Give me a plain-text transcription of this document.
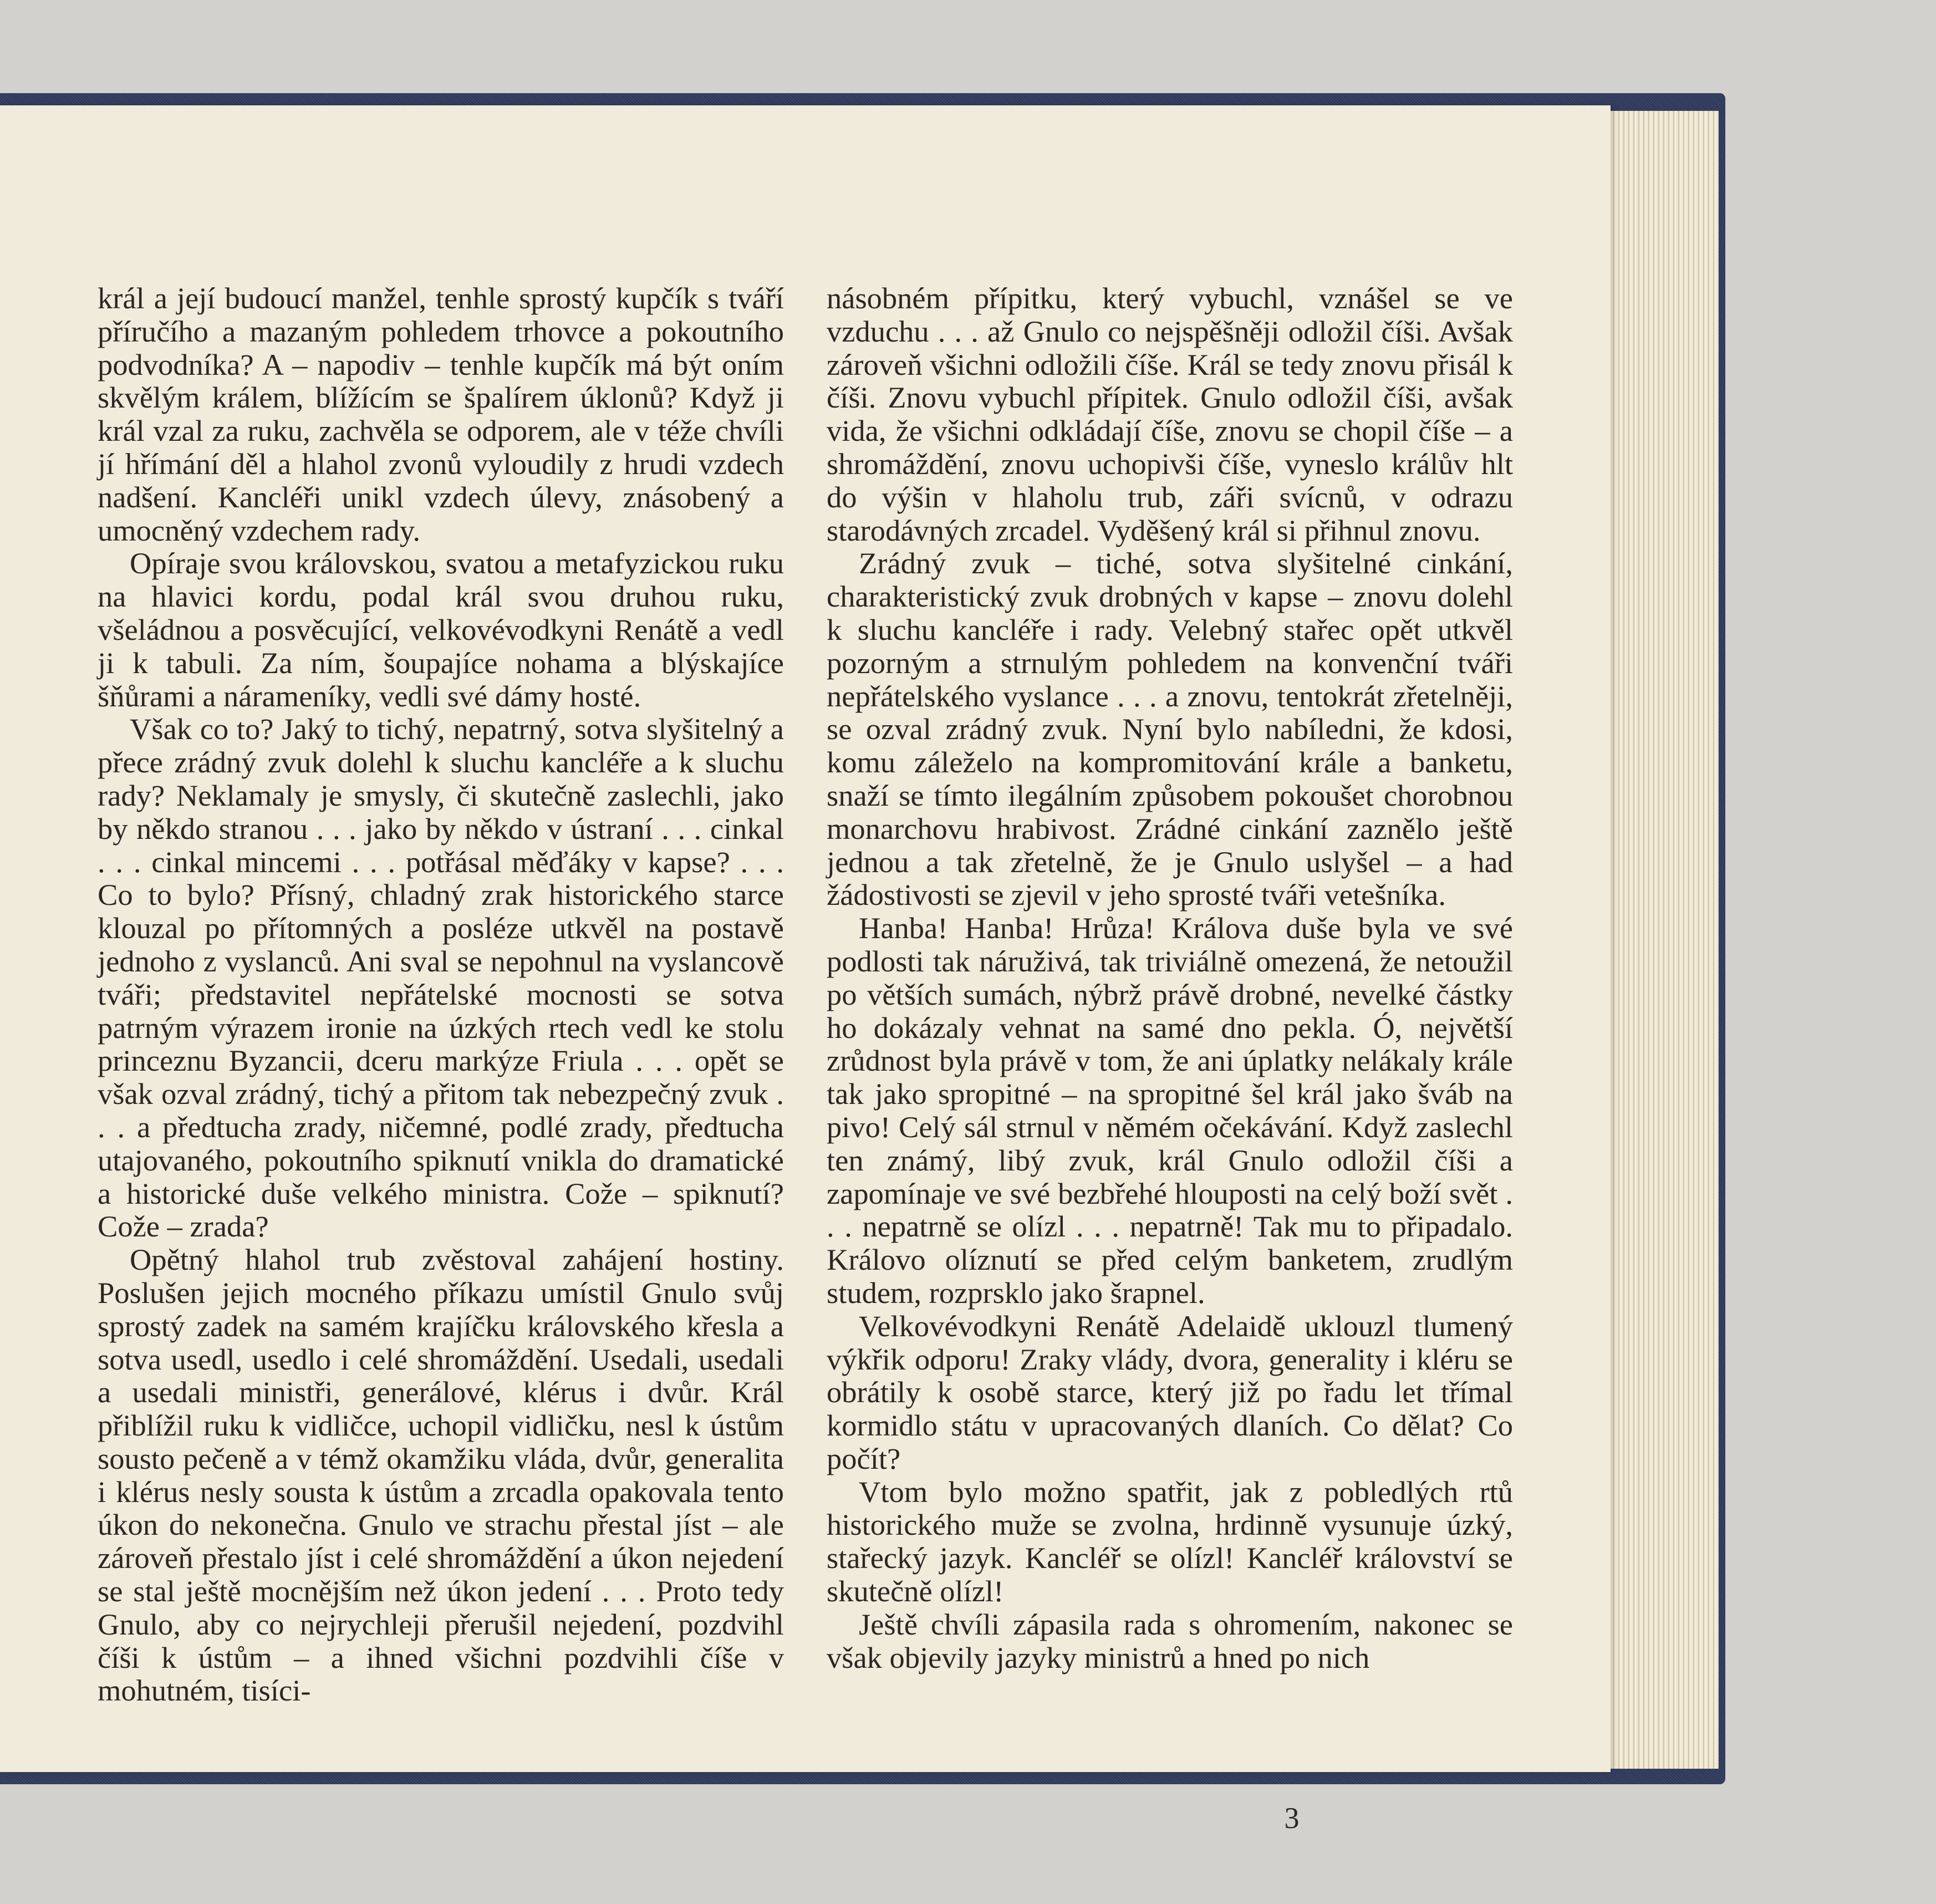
král a její budoucí manžel, tenhle sprostý kupčík s tváří příručího a mazaným pohledem trhovce a pokoutního podvodníka? A – napodiv – tenhle kupčík má být oním skvělým králem, blížícím se špalírem úklonů? Když ji král vzal za ruku, zachvěla se odporem, ale v téže chvíli jí hřímání děl a hlahol zvonů vyloudily z hrudi vzdech nadšení. Kancléři unikl vzdech úlevy, znásobený a umocněný vzdechem rady.

Opíraje svou královskou, svatou a metafyzickou ruku na hlavici kordu, podal král svou druhou ruku, všeládnou a posvěcující, velkovévodkyni Renátě a vedl ji k tabuli. Za ním, šoupajíce nohama a blýskajíce šňůrami a nárameníky, vedli své dámy hosté.

Však co to? Jaký to tichý, nepatrný, sotva slyšitelný a přece zrádný zvuk dolehl k sluchu kancléře a k sluchu rady? Neklamaly je smysly, či skutečně zaslechli, jako by někdo stranou . . . jako by někdo v ústraní . . . cinkal . . . cinkal mincemi . . . potřásal měďáky v kapse? . . . Co to bylo? Přísný, chladný zrak historického starce klouzal po přítomných a posléze utkvěl na postavě jednoho z vyslanců. Ani sval se nepohnul na vyslancově tváři; představitel nepřátelské mocnosti se sotva patrným výrazem ironie na úzkých rtech vedl ke stolu princeznu Byzancii, dceru markýze Friula . . . opět se však ozval zrádný, tichý a přitom tak nebezpečný zvuk . . . a předtucha zrady, ničemné, podlé zrady, předtucha utajovaného, pokoutního spiknutí vnikla do dramatické a historické duše velkého ministra. Cože – spiknutí? Cože – zrada?

Opětný hlahol trub zvěstoval zahájení hostiny. Poslušen jejich mocného příkazu umístil Gnulo svůj sprostý zadek na samém krajíčku královského křesla a sotva usedl, usedlo i celé shromáždění. Usedali, usedali a usedali ministři, generálové, klérus i dvůr. Král přiblížil ruku k vidličce, uchopil vidličku, nesl k ústům sousto pečeně a v témž okamžiku vláda, dvůr, generalita i klérus nesly sousta k ústům a zrcadla opakovala tento úkon do nekonečna. Gnulo ve strachu přestal jíst – ale zároveň přestalo jíst i celé shromáždění a úkon nejedení se stal ještě mocnějším než úkon jedení . . . Proto tedy Gnulo, aby co nejrychleji přerušil nejedení, pozdvihl číši k ústům – a ihned všichni pozdvihli číše v mohutném, tisíci-

násobném přípitku, který vybuchl, vznášel se ve vzduchu . . . až Gnulo co nejspěšněji odložil číši. Avšak zároveň všichni odložili číše. Král se tedy znovu přisál k číši. Znovu vybuchl přípitek. Gnulo odložil číši, avšak vida, že všichni odkládají číše, znovu se chopil číše – a shromáždění, znovu uchopivši číše, vyneslo králův hlt do výšin v hlaholu trub, záři svícnů, v odrazu starodávných zrcadel. Vyděšený král si přihnul znovu.

Zrádný zvuk – tiché, sotva slyšitelné cinkání, charakteristický zvuk drobných v kapse – znovu dolehl k sluchu kancléře i rady. Velebný stařec opět utkvěl pozorným a strnulým pohledem na konvenční tváři nepřátelského vyslance . . . a znovu, tentokrát zřetelněji, se ozval zrádný zvuk. Nyní bylo nabíledni, že kdosi, komu záleželo na kompromitování krále a banketu, snaží se tímto ilegálním způsobem pokoušet chorobnou monarchovu hrabivost. Zrádné cinkání zaznělo ještě jednou a tak zřetelně, že je Gnulo uslyšel – a had žádostivosti se zjevil v jeho sprosté tváři vetešníka.

Hanba! Hanba! Hrůza! Králova duše byla ve své podlosti tak náruživá, tak triviálně omezená, že netoužil po větších sumách, nýbrž právě drobné, nevelké částky ho dokázaly vehnat na samé dno pekla. Ó, největší zrůdnost byla právě v tom, že ani úplatky nelákaly krále tak jako spropitné – na spropitné šel král jako šváb na pivo! Celý sál strnul v němém očekávání. Když zaslechl ten známý, libý zvuk, král Gnulo odložil číši a zapomínaje ve své bezbřehé hlouposti na celý boží svět . . . nepatrně se olízl . . . nepatrně! Tak mu to připadalo. Královo olíznutí se před celým banketem, zrudlým studem, rozprsklo jako šrapnel.

Velkovévodkyni Renátě Adelaidě uklouzl tlumený výkřik odporu! Zraky vlády, dvora, generality i kléru se obrátily k osobě starce, který již po řadu let třímal kormidlo státu v upracovaných dlaních. Co dělat? Co počít?

Vtom bylo možno spatřit, jak z pobledlých rtů historického muže se zvolna, hrdinně vysunuje úzký, stařecký jazyk. Kancléř se olízl! Kancléř království se skutečně olízl!

Ještě chvíli zápasila rada s ohromením, nakonec se však objevily jazyky ministrů a hned po nich

3
